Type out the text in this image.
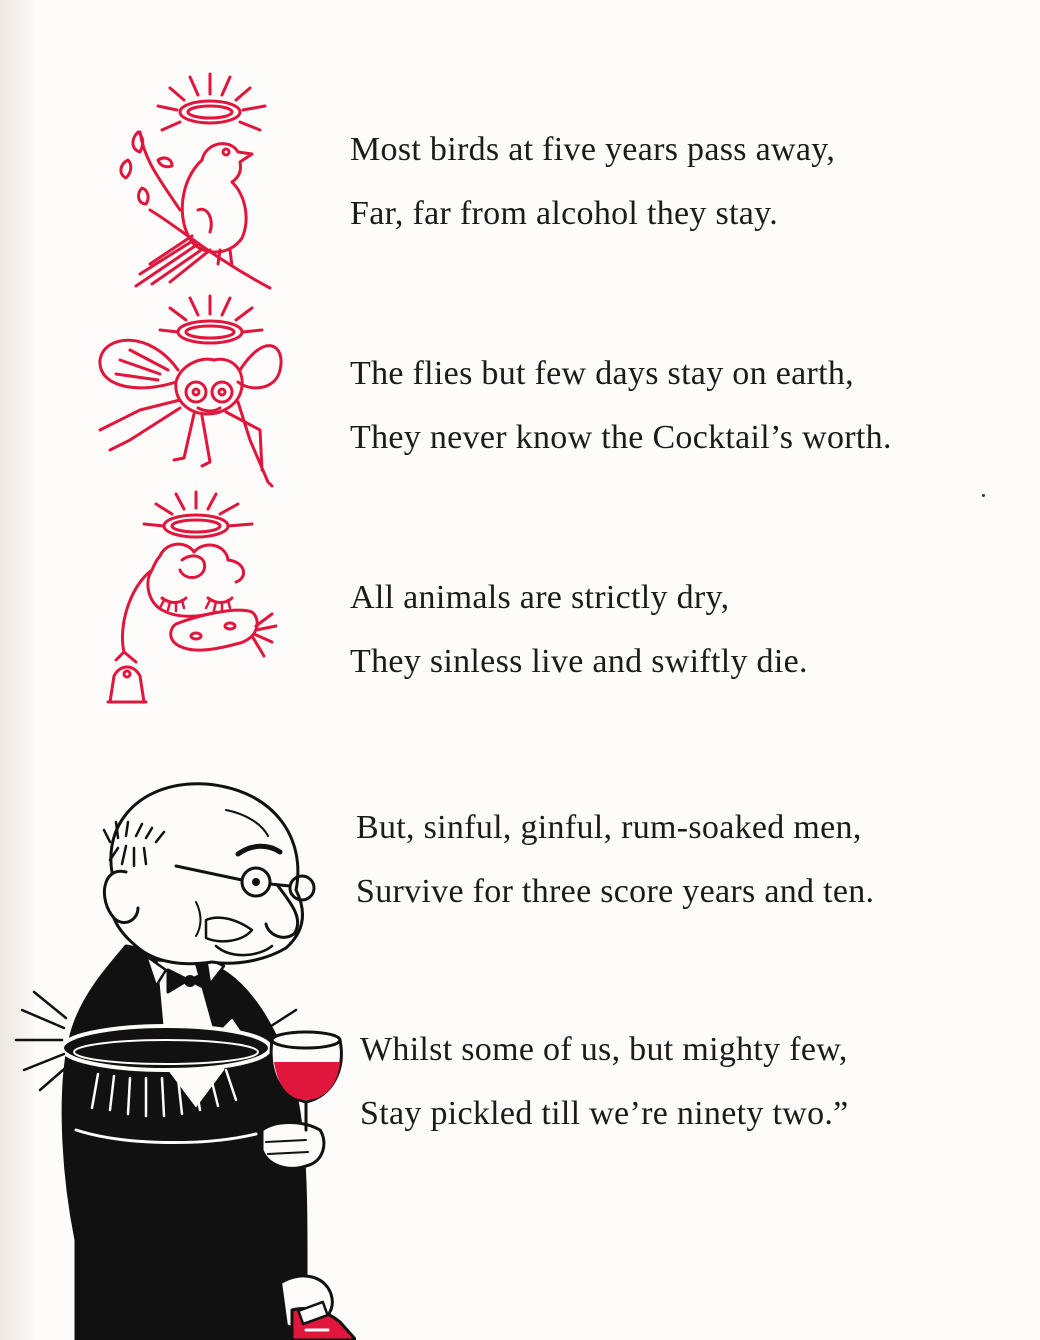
Most birds at five years pass away,
Far, far from alcohol they stay.
The flies but few days stay on earth,
They never know the Cocktail’s worth.
All animals are strictly dry,
They sinless live and swiftly die.
But, sinful, ginful, rum-soaked men,
Survive for three score years and ten.
Whilst some of us, but mighty few,
Stay pickled till we’re ninety two.”
